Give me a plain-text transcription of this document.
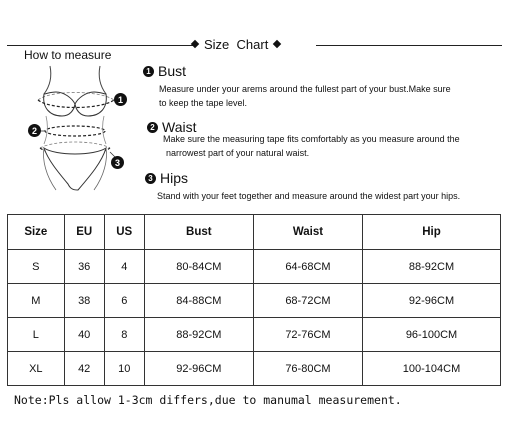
Size  Chart
How to measure
1
2
3
1 Bust
Measure under your arems around the fullest part of your bust.Make sure
to keep the tape level.
2 Waist
Make sure the measuring tape fits comfortably as you measure around the
narrowest part of your natural waist.
3 Hips
Stand with your feet together and measure around the widest part your hips.
Size	EU	US	Bust	Waist	Hip
S	36	4	80-84CM	64-68CM	88-92CM
M	38	6	84-88CM	68-72CM	92-96CM
L	40	8	88-92CM	72-76CM	96-100CM
XL	42	10	92-96CM	76-80CM	100-104CM
Note:Pls allow 1-3cm differs,due to manumal measurement.
